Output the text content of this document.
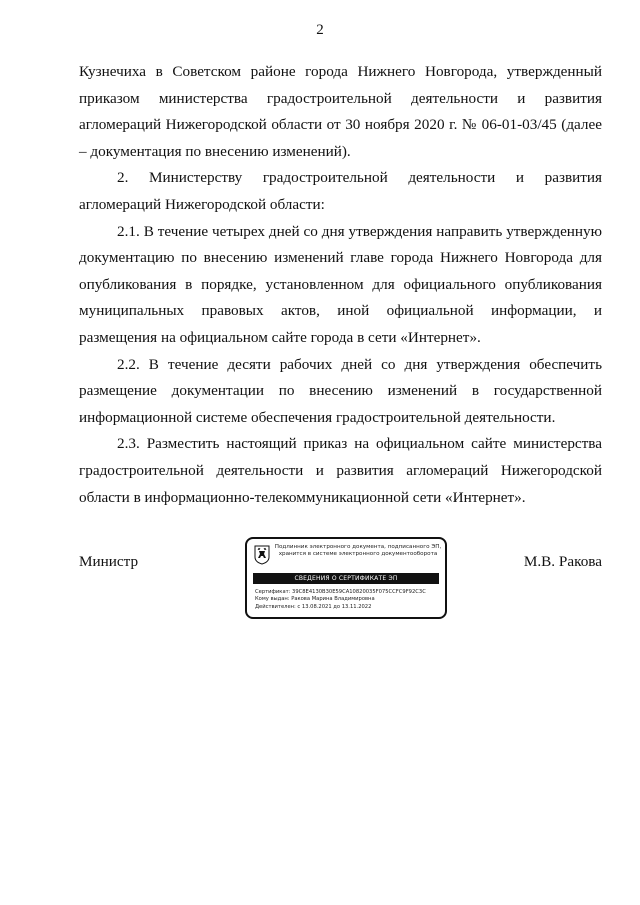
2

Кузнечиха в Советском районе города Нижнего Новгорода, утвержденный приказом министерства градостроительной деятельности и развития агломераций Нижегородской области от 30 ноября 2020 г. № 06-01-03/45 (далее – документация по внесению изменений).

2. Министерству градостроительной деятельности и развития агломераций Нижегородской области:

2.1. В течение четырех дней со дня утверждения направить утвержденную документацию по внесению изменений главе города Нижнего Новгорода для опубликования в порядке, установленном для официального опубликования муниципальных правовых актов, иной официальной информации, и размещения на официальном сайте города в сети «Интернет».

2.2. В течение десяти рабочих дней со дня утверждения обеспечить размещение документации по внесению изменений в государственной информационной системе обеспечения градостроительной деятельности.

2.3. Разместить настоящий приказ на официальном сайте министерства градостроительной деятельности и развития агломераций Нижегородской области в информационно-телекоммуникационной сети «Интернет».

Министр	М.В. Ракова
Подлинник электронного документа, подписанного ЭП,
хранится в системе электронного документооборота
СВЕДЕНИЯ О СЕРТИФИКАТЕ ЭП
Сертификат: 39C8E4130B30E59CA10820035F075CCFC9F92C3C
Кому выдан: Ракова Марина Владимировна
Действителен: с 13.08.2021 до 13.11.2022
